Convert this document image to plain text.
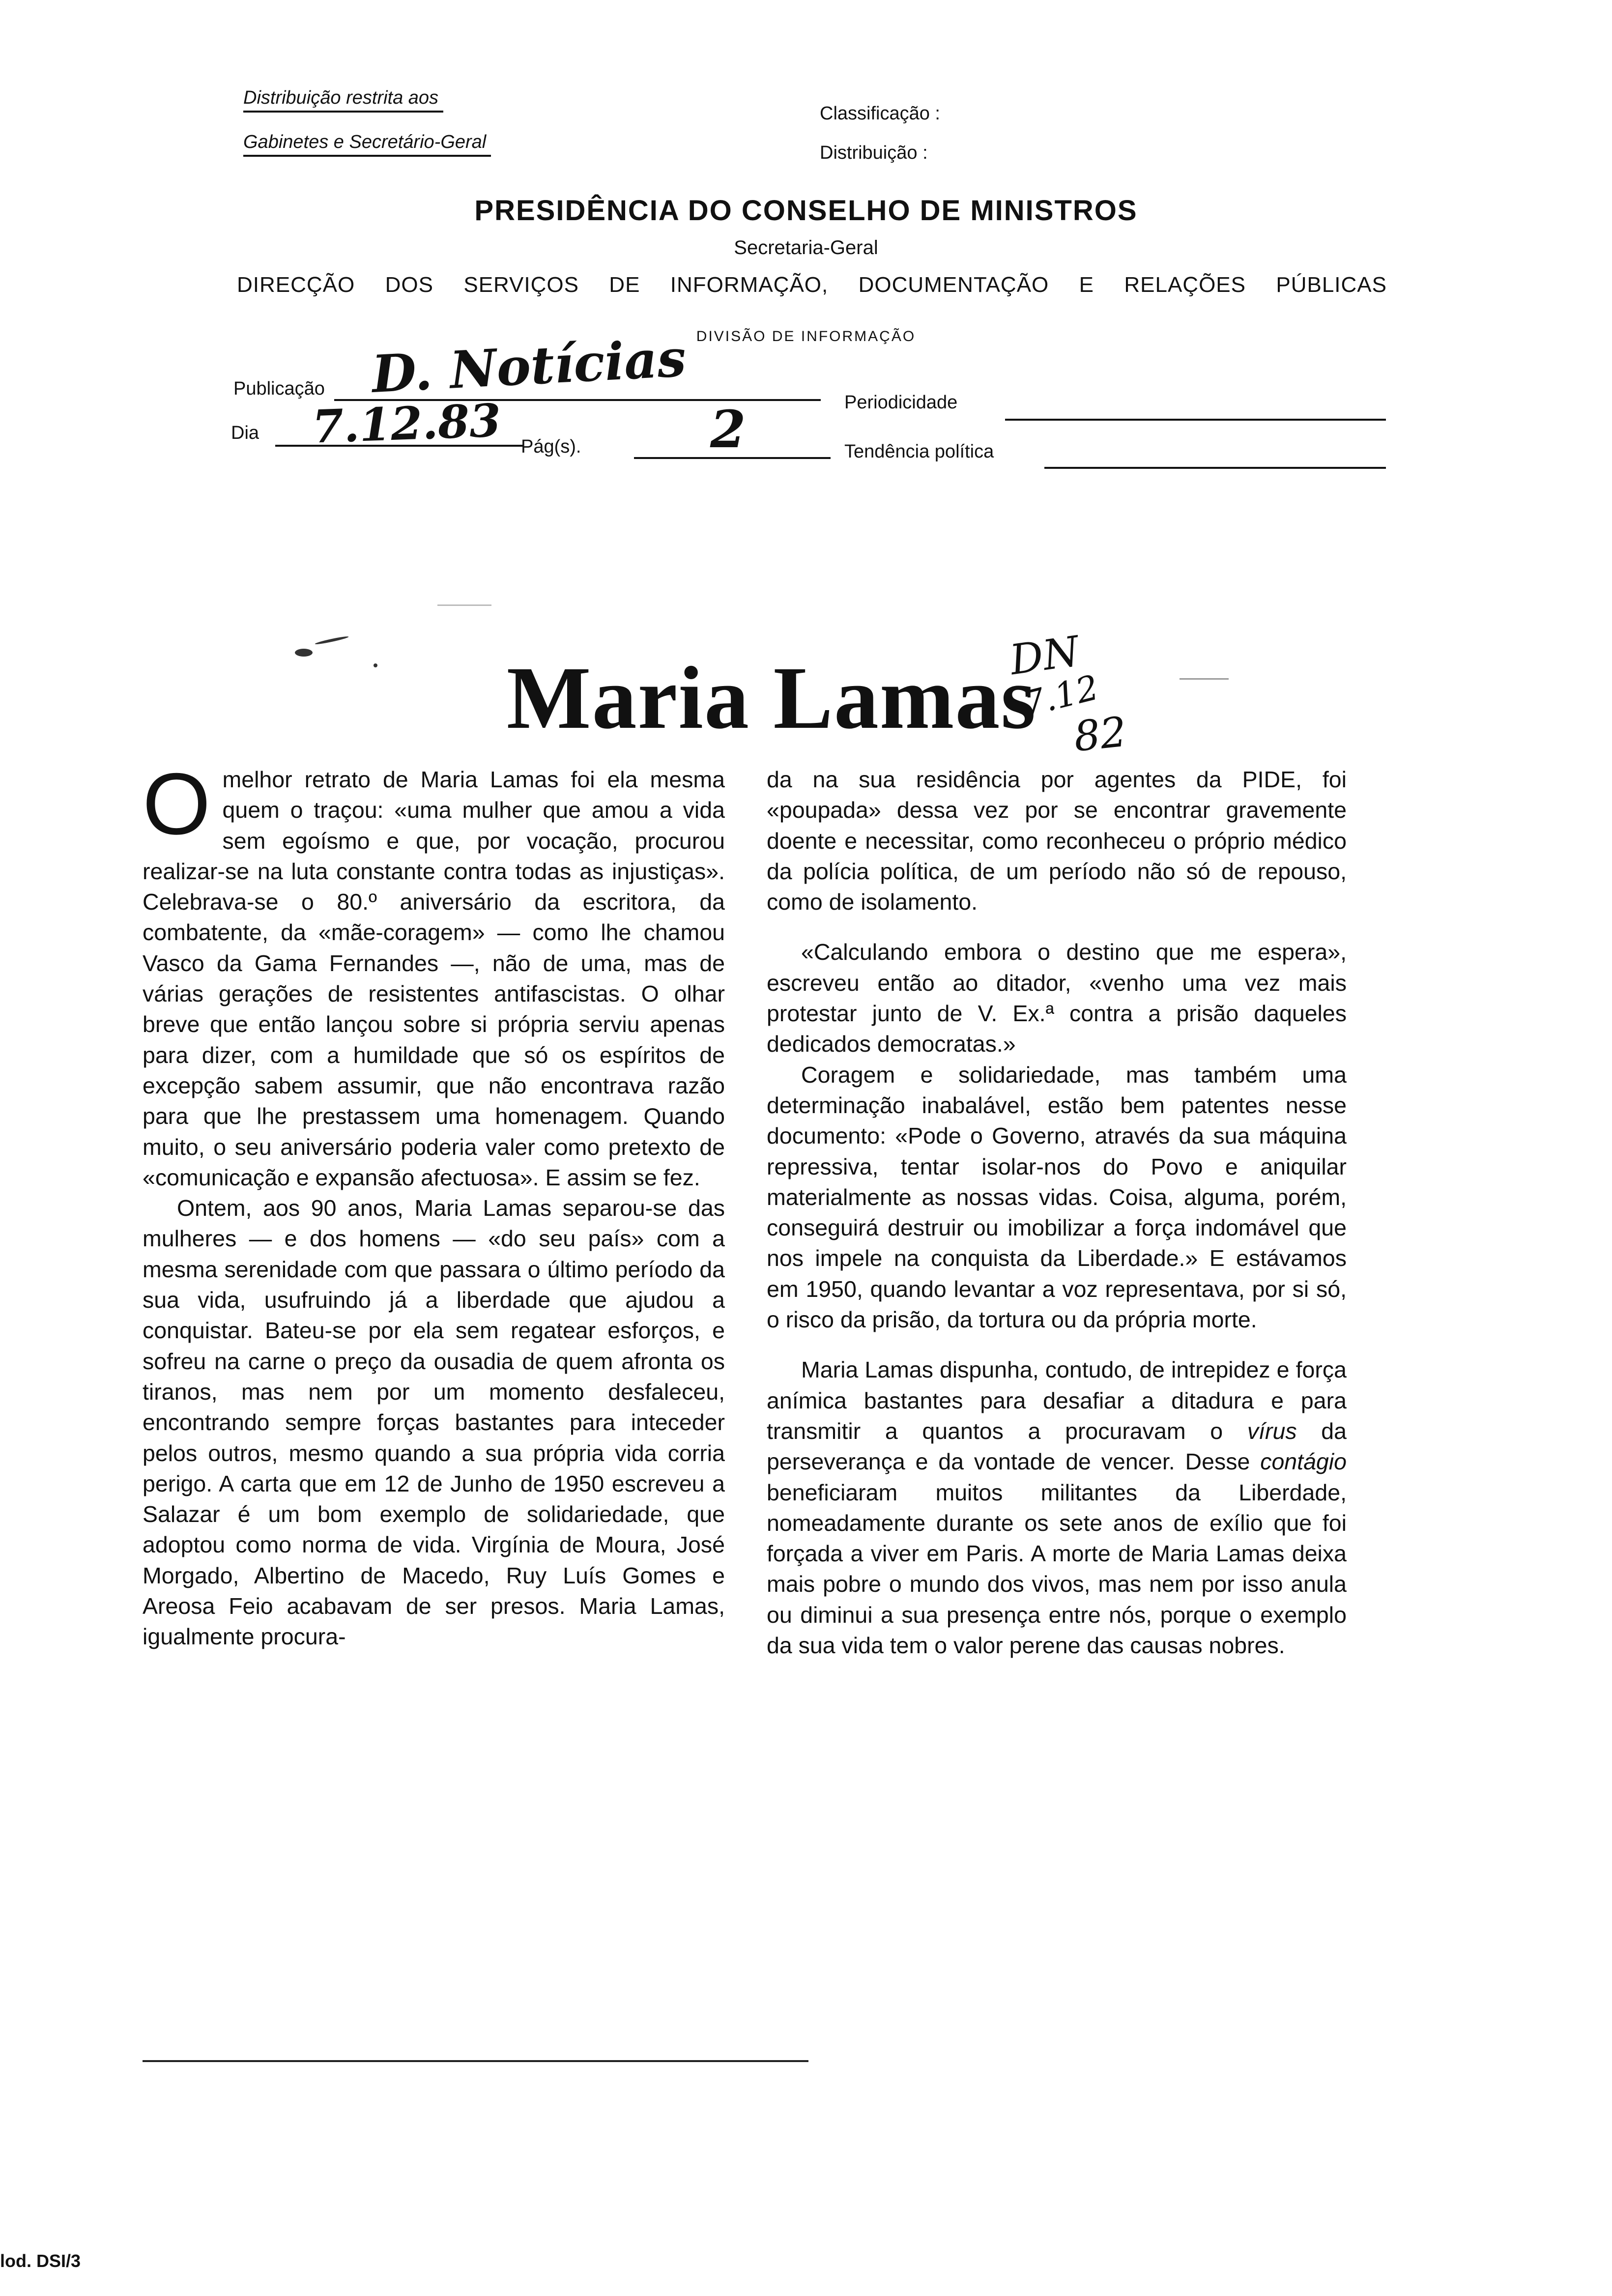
Distribuição restrita aos
Gabinetes e Secretário-Geral
Classificação :
Distribuição :
PRESIDÊNCIA DO CONSELHO DE MINISTROS
Secretaria-Geral
DIRECÇÃO DOS SERVIÇOS DE INFORMAÇÃO, DOCUMENTAÇÃO E RELAÇÕES PÚBLICAS
DIVISÃO DE INFORMAÇÃO
Publicação D. Notícias
Dia 7.12.83 Pág(s).	2	Periodicidade
Tendência política
Maria Lamas
DN
7.12
82

Omelhor retrato de Maria Lamas foi ela mesma quem o traçou: «uma mulher que amou a vida sem egoísmo e que, por vocação, procurou realizar-se na luta constante contra todas as injustiças». Celebrava-se o 80.º aniversário da escritora, da combatente, da «mãe-coragem» — como lhe chamou Vasco da Gama Fernandes —, não de uma, mas de várias gerações de resistentes antifascistas. O olhar breve que então lançou sobre si própria serviu apenas para dizer, com a humildade que só os espíritos de excepção sabem assumir, que não encontrava razão para que lhe prestassem uma homenagem. Quando muito, o seu aniversário poderia valer como pretexto de «comunicação e expansão afectuosa». E assim se fez.

Ontem, aos 90 anos, Maria Lamas separou-se das mulheres — e dos homens — «do seu país» com a mesma serenidade com que passara o último período da sua vida, usufruindo já a liberdade que ajudou a conquistar. Bateu-se por ela sem regatear esforços, e sofreu na carne o preço da ousadia de quem afronta os tiranos, mas nem por um momento desfaleceu, encontrando sempre forças bastantes para inteceder pelos outros, mesmo quando a sua própria vida corria perigo. A carta que em 12 de Junho de 1950 escreveu a Salazar é um bom exemplo de solidariedade, que adoptou como norma de vida. Virgínia de Moura, José Morgado, Albertino de Macedo, Ruy Luís Gomes e Areosa Feio acabavam de ser presos. Maria Lamas, igualmente procura-

da na sua residência por agentes da PIDE, foi «poupada» dessa vez por se encontrar gravemente doente e necessitar, como reconheceu o próprio médico da polícia política, de um período não só de repouso, como de isolamento.

«Calculando embora o destino que me espera», escreveu então ao ditador, «venho uma vez mais protestar junto de V. Ex.ª contra a prisão daqueles dedicados democratas.»

Coragem e solidariedade, mas também uma determinação inabalável, estão bem patentes nesse documento: «Pode o Governo, através da sua máquina repressiva, tentar isolar-nos do Povo e aniquilar materialmente as nossas vidas. Coisa, alguma, porém, conseguirá destruir ou imobilizar a força indomável que nos impele na conquista da Liberdade.» E estávamos em 1950, quando levantar a voz representava, por si só, o risco da prisão, da tortura ou da própria morte.

Maria Lamas dispunha, contudo, de intrepidez e força anímica bastantes para desafiar a ditadura e para transmitir a quantos a procuravam o vírus da perseverança e da vontade de vencer. Desse contágio beneficiaram muitos militantes da Liberdade, nomeadamente durante os sete anos de exílio que foi forçada a viver em Paris. A morte de Maria Lamas deixa mais pobre o mundo dos vivos, mas nem por isso anula ou diminui a sua presença entre nós, porque o exemplo da sua vida tem o valor perene das causas nobres.

lod. DSI/3
